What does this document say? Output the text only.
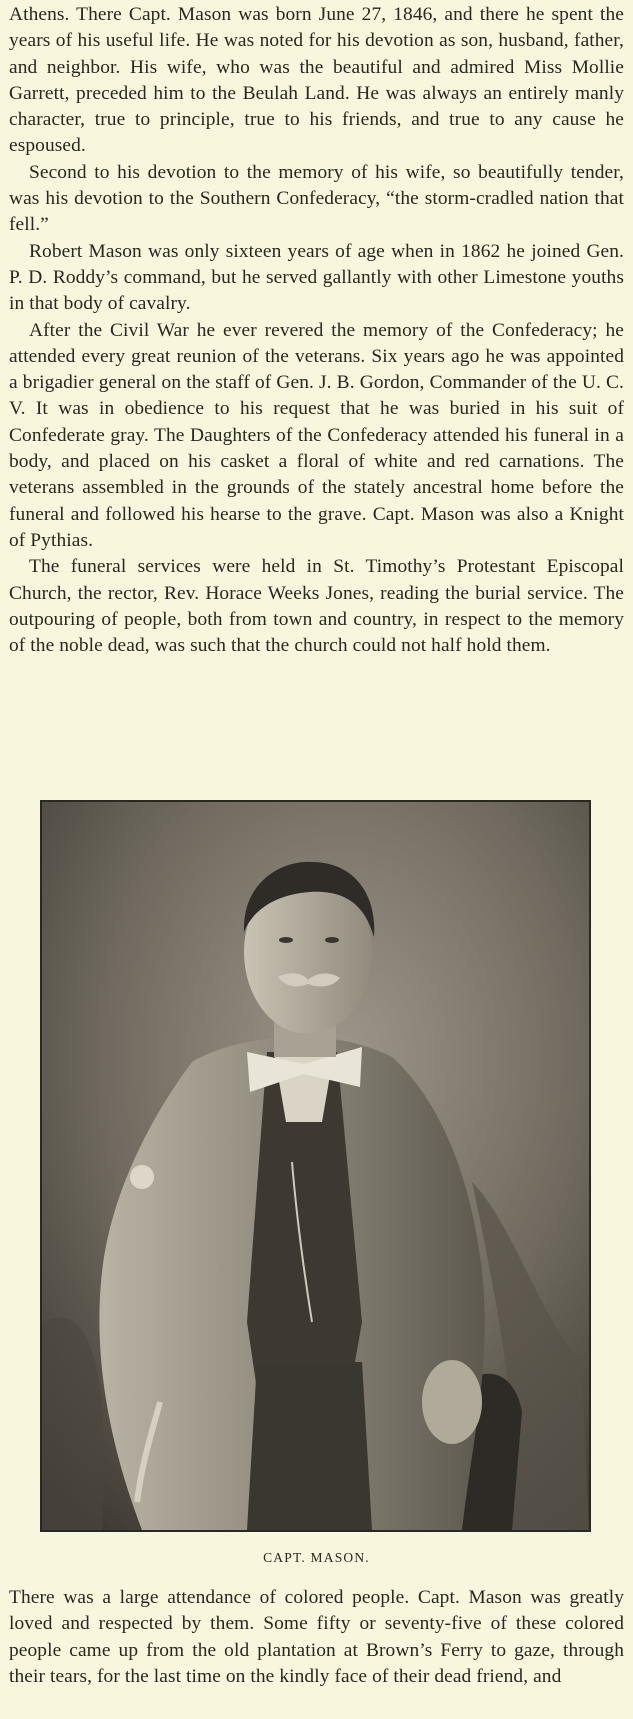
Athens. There Capt. Mason was born June 27, 1846, and there he spent the years of his useful life. He was noted for his devotion as son, husband, father, and neighbor. His wife, who was the beautiful and admired Miss Mollie Garrett, preceded him to the Beulah Land. He was always an entirely manly character, true to principle, true to his friends, and true to any cause he espoused.

Second to his devotion to the memory of his wife, so beautifully tender, was his devotion to the Southern Confederacy, “the storm-cradled nation that fell.”

Robert Mason was only sixteen years of age when in 1862 he joined Gen. P. D. Roddy’s command, but he served gallantly with other Limestone youths in that body of cavalry.

After the Civil War he ever revered the memory of the Confederacy; he attended every great reunion of the veterans. Six years ago he was appointed a brigadier general on the staff of Gen. J. B. Gordon, Commander of the U. C. V. It was in obedience to his request that he was buried in his suit of Confederate gray. The Daughters of the Confederacy attended his funeral in a body, and placed on his casket a floral of white and red carnations. The veterans assembled in the grounds of the stately ancestral home before the funeral and followed his hearse to the grave. Capt. Mason was also a Knight of Pythias.

The funeral services were held in St. Timothy’s Protestant Episcopal Church, the rector, Rev. Horace Weeks Jones, reading the burial service. The outpouring of people, both from town and country, in respect to the memory of the noble dead, was such that the church could not half hold them.

CAPT. MASON.

There was a large attendance of colored people. Capt. Mason was greatly loved and respected by them. Some fifty or seventy-five of these colored people came up from the old plantation at Brown’s Ferry to gaze, through their tears, for the last time on the kindly face of their dead friend, and
